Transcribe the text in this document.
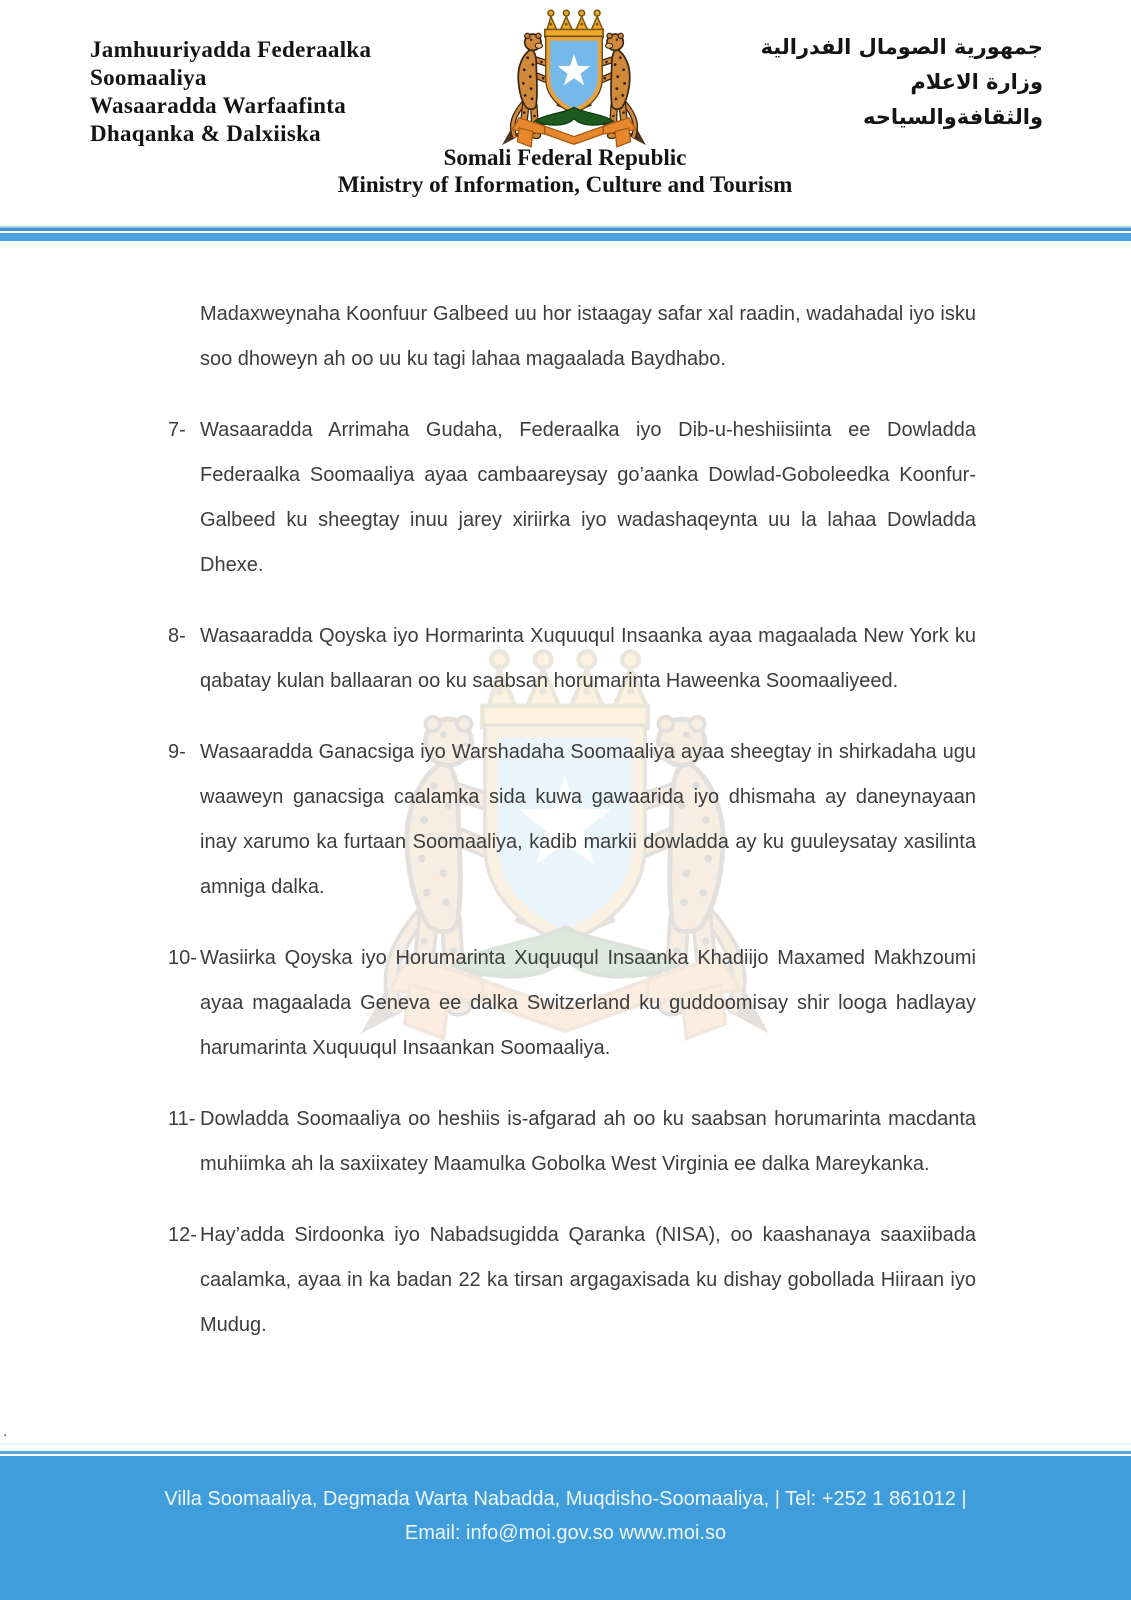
Jamhuuriyadda Federaalka
Soomaaliya
Wasaaradda Warfaafinta
Dhaqanka & Dalxiiska
Somali Federal Republic
Ministry of Information, Culture and Tourism
جمهورية الصومال الفدرالية
وزارة الاعلام
والثقافةوالسياحه

Madaxweynaha Koonfuur Galbeed uu hor istaagay safar xal raadin, wadahadal iyo isku soo dhoweyn ah oo uu ku tagi lahaa magaalada Baydhabo.

7- Wasaaradda Arrimaha Gudaha, Federaalka iyo Dib-u-heshiisiinta ee Dowladda Federaalka Soomaaliya ayaa cambaareysay go’aanka Dowlad-Goboleedka Koonfur-Galbeed ku sheegtay inuu jarey xiriirka iyo wadashaqeynta uu la lahaa Dowladda Dhexe.

8- Wasaaradda Qoyska iyo Hormarinta Xuquuqul Insaanka ayaa magaalada New York ku qabatay kulan ballaaran oo ku saabsan horumarinta Haweenka Soomaaliyeed.

9- Wasaaradda Ganacsiga iyo Warshadaha Soomaaliya ayaa sheegtay in shirkadaha ugu waaweyn ganacsiga caalamka sida kuwa gawaarida iyo dhismaha ay daneynayaan inay xarumo ka furtaan Soomaaliya, kadib markii dowladda ay ku guuleysatay xasilinta amniga dalka.

10- Wasiirka Qoyska iyo Horumarinta Xuquuqul Insaanka Khadiijo Maxamed Makhzoumi ayaa magaalada Geneva ee dalka Switzerland ku guddoomisay shir looga hadlayay harumarinta Xuquuqul Insaankan Soomaaliya.

11- Dowladda Soomaaliya oo heshiis is-afgarad ah oo ku saabsan horumarinta macdanta muhiimka ah la saxiixatey Maamulka Gobolka West Virginia ee dalka Mareykanka.

12- Hay’adda Sirdoonka iyo Nabadsugidda Qaranka (NISA), oo kaashanaya saaxiibada caalamka, ayaa in ka badan 22 ka tirsan argagaxisada ku dishay gobollada Hiiraan iyo Mudug.

.
Villa Soomaaliya, Degmada Warta Nabadda, Muqdisho-Soomaaliya, | Tel: +252 1 861012 |
Email: info@moi.gov.so www.moi.so
